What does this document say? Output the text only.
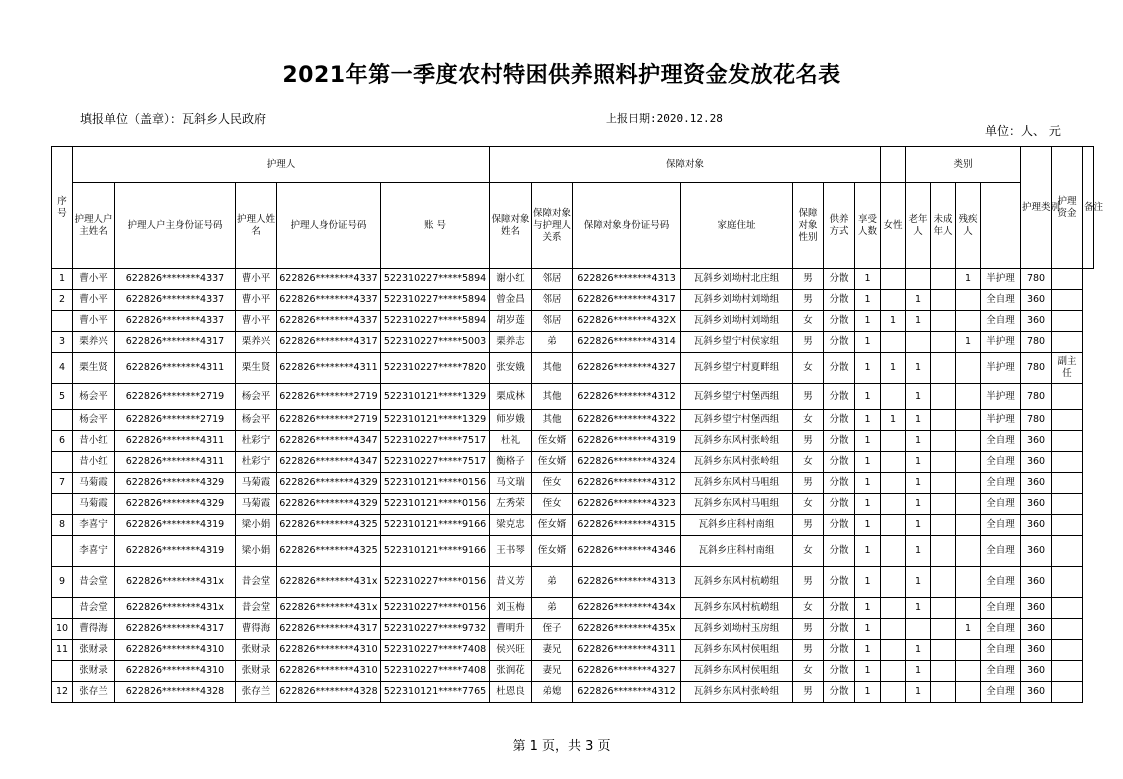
2021年第一季度农村特困供养照料护理资金发放花名表
填报单位（盖章）：瓦斜乡人民政府	上报日期:2020.12.28
单位：人、 元
序号	护理人					保障对象								类别				护理类别	护理资金	备注
	护理人户主姓名	护理人户主身份证号码	护理人姓名	护理人身份证号码	账 号	保障对象姓名	保障对象与护理人关系	保障对象身份证号码	家庭住址	保障对象性别	供养方式	享受人数	女性	老年人	未成年人	残疾人				
1	曹小平	622826********4337	曹小平	622826********4337	522310227*****5894	谢小红	邻居	622826********4313	瓦斜乡刘坳村北庄组	男	分散	1				1	半护理	780		
2	曹小平	622826********4337	曹小平	622826********4337	522310227*****5894	曾金昌	邻居	622826********4317	瓦斜乡刘坳村刘坳组	男	分散	1		1			全自理	360		
	曹小平	622826********4337	曹小平	622826********4337	522310227*****5894	胡岁莲	邻居	622826********432X	瓦斜乡刘坳村刘坳组	女	分散	1	1	1			全自理	360		
3	栗养兴	622826********4317	栗养兴	622826********4317	522310227*****5003	栗养志	弟	622826********4314	瓦斜乡望宁村侯家组	男	分散	1				1	半护理	780		
4	栗生贤	622826********4311	栗生贤	622826********4311	522310227*****7820	张安娥	其他	622826********4327	瓦斜乡望宁村夏畔组	女	分散	1	1	1			半护理	780	副主任	
5	杨会平	622826********2719	杨会平	622826********2719	522310121*****1329	栗成林	其他	622826********4312	瓦斜乡望宁村堡西组	男	分散	1		1			半护理	780		
	杨会平	622826********2719	杨会平	622826********2719	522310121*****1329	师岁娥	其他	622826********4322	瓦斜乡望宁村堡西组	女	分散	1	1	1			半护理	780		
6	昔小红	622826********4311	杜彩宁	622826********4347	522310227*****7517	杜礼	侄女婿	622826********4319	瓦斜乡东风村张岭组	男	分散	1		1			全自理	360		
	昔小红	622826********4311	杜彩宁	622826********4347	522310227*****7517	衡格子	侄女婿	622826********4324	瓦斜乡东风村张岭组	女	分散	1		1			全自理	360		
7	马菊霞	622826********4329	马菊霞	622826********4329	522310121*****0156	马文瑞	侄女	622826********4312	瓦斜乡东风村马咀组	男	分散	1		1			全自理	360		
	马菊霞	622826********4329	马菊霞	622826********4329	522310121*****0156	左秀荣	侄女	622826********4323	瓦斜乡东风村马咀组	女	分散	1		1			全自理	360		
8	李喜宁	622826********4319	梁小娟	622826********4325	522310121*****9166	梁克忠	侄女婿	622826********4315	瓦斜乡庄科村南组	男	分散	1		1			全自理	360		
	李喜宁	622826********4319	梁小娟	622826********4325	522310121*****9166	王书琴	侄女婿	622826********4346	瓦斜乡庄科村南组	女	分散	1		1			全自理	360		
9	昔会堂	622826********431x	昔会堂	622826********431x	522310227*****0156	昔义芳	弟	622826********4313	瓦斜乡东风村杭崂组	男	分散	1		1			全自理	360		
	昔会堂	622826********431x	昔会堂	622826********431x	522310227*****0156	刘玉梅	弟	622826********434x	瓦斜乡东风村杭崂组	女	分散	1		1			全自理	360		
10	曹得海	622826********4317	曹得海	622826********4317	522310227*****9732	曹明升	侄子	622826********435x	瓦斜乡刘坳村玉房组	男	分散	1				1	全自理	360		
11	张财录	622826********4310	张财录	622826********4310	522310227*****7408	侯兴旺	妻兄	622826********4311	瓦斜乡东风村侯咀组	男	分散	1		1			全自理	360		
	张财录	622826********4310	张财录	622826********4310	522310227*****7408	张润花	妻兄	622826********4327	瓦斜乡东风村侯咀组	女	分散	1		1			全自理	360		
12	张存兰	622826********4328	张存兰	622826********4328	522310121*****7765	杜恩良	弟媳	622826********4312	瓦斜乡东风村张岭组	男	分散	1		1			全自理	360		
第 1 页，共 3 页
